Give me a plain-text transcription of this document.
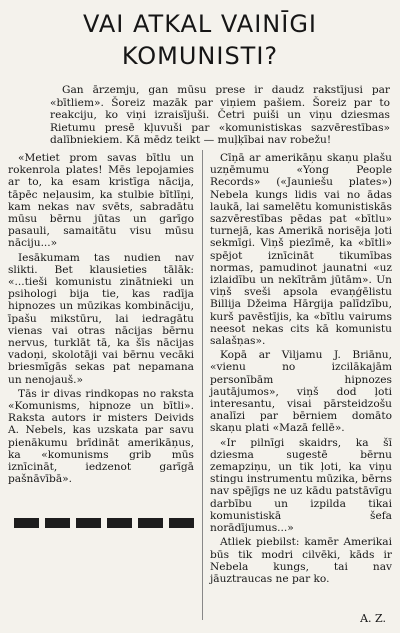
VAI ATKAL VAINĪGI KOMUNISTI?

Gan ārzemju, gan mūsu prese ir daudz rakstījusi par «bītliem». Šoreiz mazāk par viņiem pašiem. Šoreiz par to reakciju, ko viņi izraisījuši. Četri puiši un viņu dziesmas Rietumu presē kļuvuši par «komunistiskas sazvērestības» dalībniekiem. Kā mēdz teikt — muļķībai nav robežu!

«Metiet prom savas bītlu un rokenrola plates! Mēs lepojamies ar to, ka esam kristīga nācija, tāpēc neļausim, ka stulbie bītlīņi, kam nekas nav svēts, sabradātu mūsu bērnu jūtas un garīgo pasauli, samaitātu visu mūsu nāciju...»

Iesākumam tas nudien nav slikti. Bet klausieties tālāk: «...tieši komunistu zinātnieki un psihologi bija tie, kas radīja hipnozes un mūzikas kombināciju, īpašu mikstūru, lai iedragātu vienas vai otras nācijas bērnu nervus, turklāt tā, ka šīs nācijas vadoņi, skolotāji vai bērnu vecāki briesmīgās sekas pat nepamana un nenojauš.»

Tās ir divas rindkopas no raksta «Komunisms, hipnoze un bītli». Raksta autors ir misters Deivids A. Nebels, kas uzskata par savu pienākumu brīdināt amerikāņus, ka «komunisms grib mūs iznīcināt, iedzenot garīgā pašnāvībā».

Cīņā ar amerikāņu skaņu plašu uzņēmumu «Yong People Records» («Jauniešu plates») Nebela kungs lidis vai no ādas laukā, lai samelētu komunistiskās sazvērestības pēdas pat «bītlu» turnejā, kas Amerikā norisēja ļoti sekmīgi. Viņš piezīmē, ka «bītli» spējot iznīcināt tikumības normas, pamudinot jaunatni «uz izlaidību un nekītrām jūtām». Un viņš sveši apsola evaņģēlistu Billija Džeima Hārgija palīdzību, kurš pavēstījis, ka «bītlu vairums neesot nekas cits kā komunistu salašņas».

Kopā ar Viljamu J. Briānu, «vienu no izcilākajām personībām hipnozes jautājumos», viņš dod ļoti interesantu, visai pārsteidzošu analīzi par bērniem domāto skaņu plati «Mazā fellē».

«Ir pilnīgi skaidrs, ka šī dziesma sugestē bērnu zemapziņu, un tik ļoti, ka viņu stingu instrumentu mūzika, bērns nav spējīgs ne uz kādu patstāvīgu darbību un izpilda tikai komunistiskā šefa norādījumus...»

Atliek piebilst: kamēr Amerikai būs tik modri cilvēki, kāds ir Nebela kungs, tai nav jāuztraucas ne par ko.

A. Z.
